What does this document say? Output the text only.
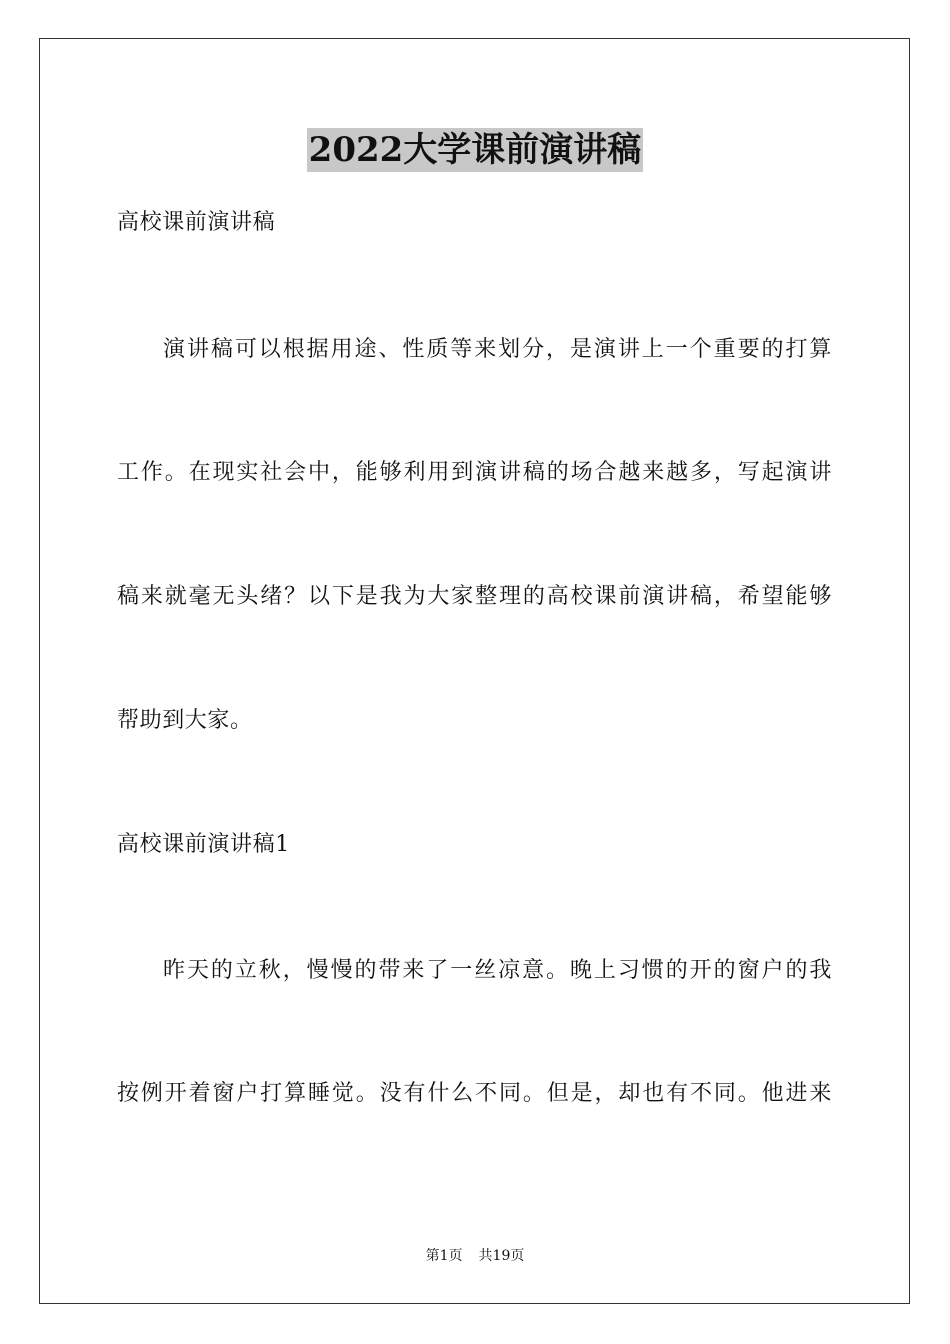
2022大学课前演讲稿
高校课前演讲稿
演讲稿可以根据用途、性质等来划分，是演讲上一个重要的打算
工作。在现实社会中，能够利用到演讲稿的场合越来越多，写起演讲
稿来就毫无头绪？以下是我为大家整理的高校课前演讲稿，希望能够
帮助到大家。
高校课前演讲稿1
昨天的立秋，慢慢的带来了一丝凉意。晚上习惯的开的窗户的我
按例开着窗户打算睡觉。没有什么不同。但是，却也有不同。他进来
第1页 共19页
